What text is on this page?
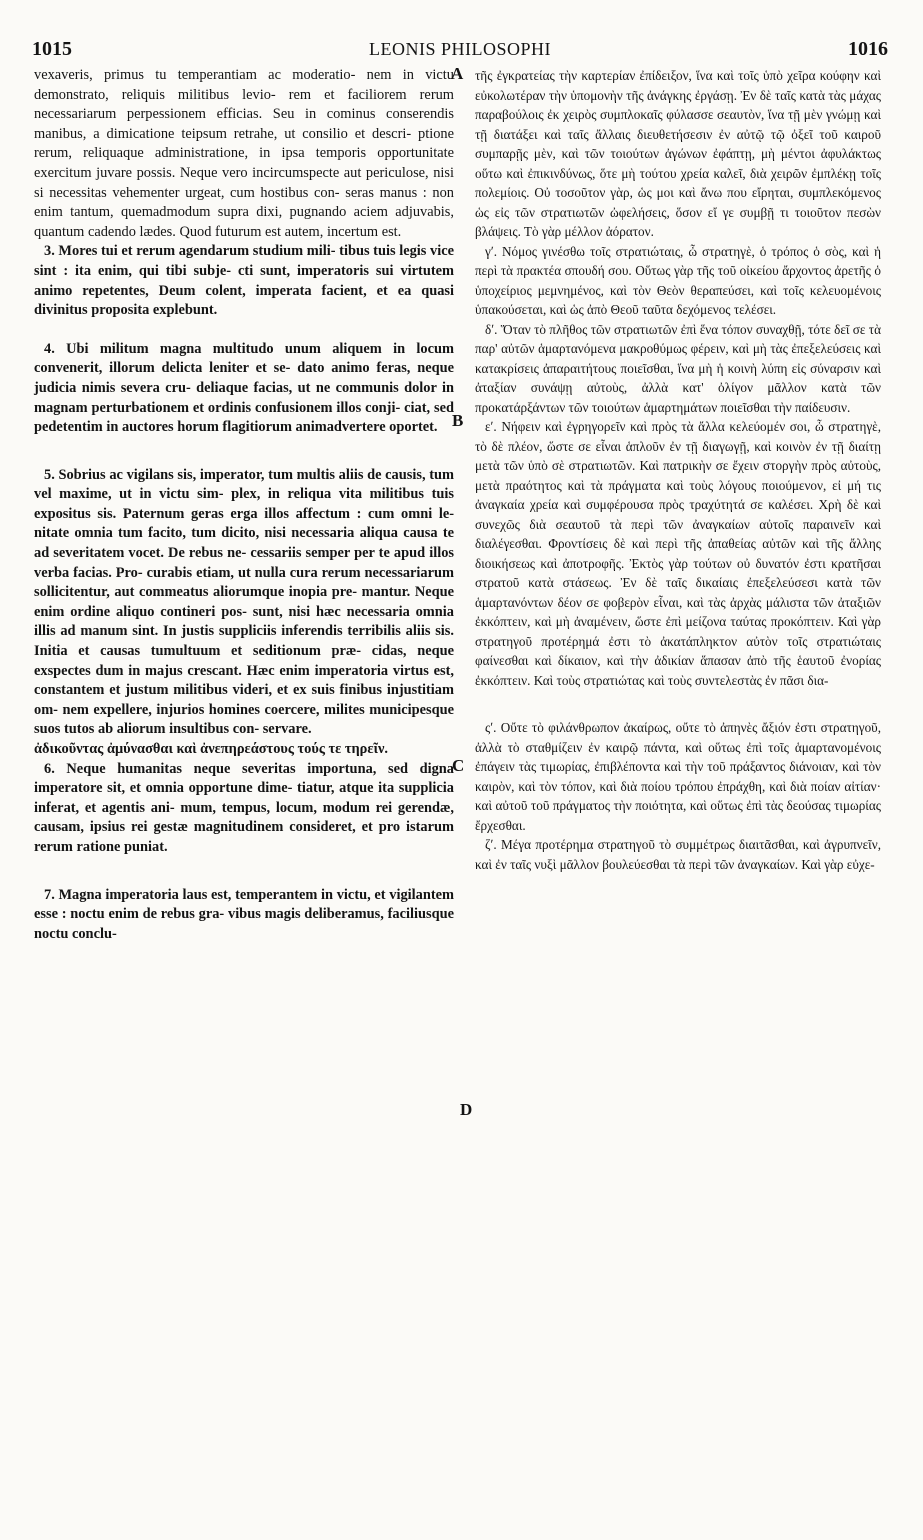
1015	LEONIS PHILOSOPHI	1016
A
B
C
D

vexaveris, primus tu temperantiam ac moderatio- nem in victu demonstrato, reliquis militibus levio- rem et faciliorem rerum necessariarum perpessionem efficias. Seu in cominus conserendis manibus, a dimicatione teipsum retrahe, ut consilio et descri- ptione rerum, reliquaque administratione, in ipsa temporis opportunitate exercitum juvare possis. Neque vero incircumspecte aut periculose, nisi si necessitas vehementer urgeat, cum hostibus con- seras manus : non enim tantum, quemadmodum supra dixi, pugnando aciem adjuvabis, quantum cadendo lædes. Quod futurum est autem, incertum est.

3. Mores tui et rerum agendarum studium mili- tibus tuis legis vice sint : ita enim, qui tibi subje- cti sunt, imperatoris sui virtutem animo repetentes, Deum colent, imperata facient, et ea quasi divinitus proposita explebunt.

4. Ubi militum magna multitudo unum aliquem in locum convenerit, illorum delicta leniter et se- dato animo feras, neque judicia nimis severa cru- deliaque facias, ut ne communis dolor in magnam perturbationem et ordinis confusionem illos conji- ciat, sed pedetentim in auctores horum flagitiorum animadvertere oportet.

5. Sobrius ac vigilans sis, imperator, tum multis aliis de causis, tum vel maxime, ut in victu sim- plex, in reliqua vita militibus tuis expositus sis. Paternum geras erga illos affectum : cum omni le- nitate omnia tum facito, tum dicito, nisi necessaria aliqua causa te ad severitatem vocet. De rebus ne- cessariis semper per te apud illos verba facias. Pro- curabis etiam, ut nulla cura rerum necessariarum sollicitentur, aut commeatus aliorumque inopia pre- mantur. Neque enim ordine aliquo contineri pos- sunt, nisi hæc necessaria omnia illis ad manum sint. In justis suppliciis inferendis terribilis aliis sis. Initia et causas tumultuum et seditionum præ- cidas, neque exspectes dum in majus crescant. Hæc enim imperatoria virtus est, constantem et justum militibus videri, et ex suis finibus injustitiam om- nem expellere, injurios homines coercere, milites municipesque suos tutos ab aliorum insultibus con- servare.

ἀδικοῦντας ἀμύνασθαι καὶ ἀνεπηρεάστους τούς τε τηρεῖν.

6. Neque humanitas neque severitas importuna, sed digna imperatore sit, et omnia opportune dime- tiatur, atque ita supplicia inferat, et agentis ani- mum, tempus, locum, modum rei gerendæ, causam, ipsius rei gestæ magnitudinem consideret, et pro istarum rerum ratione puniat.

7. Magna imperatoria laus est, temperantem in victu, et vigilantem esse : noctu enim de rebus gra- vibus magis deliberamus, faciliusque noctu conclu-

τῆς ἐγκρατείας τὴν καρτερίαν ἐπίδειξον, ἵνα καὶ τοῖς ὑπὸ χεῖρα κούφην καὶ εὐκολωτέραν τὴν ὑπομονὴν τῆς ἀνάγκης ἐργάσῃ. Ἐν δὲ ταῖς κατὰ τὰς μάχας παραβούλοις ἐκ χειρὸς συμπλοκαῖς φύλασσε σεαυτὸν, ἵνα τῇ μὲν γνώμῃ καὶ τῇ διατάξει καὶ ταῖς ἄλλαις διευθετήσεσιν ἐν αὐτῷ τῷ ὀξεῖ τοῦ καιροῦ συμπαρῇς μὲν, καὶ τῶν τοιούτων ἀγώνων ἐφάπτῃ, μὴ μέντοι ἀφυλάκτως οὕτω καὶ ἐπικινδύνως, ὅτε μὴ τούτου χρεία καλεῖ, διὰ χειρῶν ἐμπλέκῃ τοῖς πολεμίοις. Οὐ τοσοῦτον γὰρ, ὡς μοι καὶ ἄνω που εἴρηται, συμπλεκόμενος ὡς εἰς τῶν στρατιωτῶν ὠφελήσεις, ὅσον εἴ γε συμβῇ τι τοιοῦτον πεσὼν βλάψεις. Τὸ γὰρ μέλλον ἀόρατον.

γʹ. Νόμος γινέσθω τοῖς στρατιώταις, ὦ στρατηγὲ, ὁ τρόπος ὁ σὸς, καὶ ἡ περὶ τὰ πρακτέα σπουδή σου. Οὕτως γὰρ τῆς τοῦ οἰκείου ἄρχοντος ἀρετῆς ὁ ὑποχείριος μεμνημένος, καὶ τὸν Θεὸν θεραπεύσει, καὶ τοῖς κελευομένοις ὑπακούσεται, καὶ ὡς ἀπὸ Θεοῦ ταῦτα δεχόμενος τελέσει.

δʹ. Ὅταν τὸ πλῆθος τῶν στρατιωτῶν ἐπὶ ἕνα τόπον συναχθῇ, τότε δεῖ σε τὰ παρ' αὐτῶν ἁμαρτανόμενα μακροθύμως φέρειν, καὶ μὴ τὰς ἐπεξελεύσεις καὶ κατακρίσεις ἀπαραιτήτους ποιεῖσθαι, ἵνα μὴ ἡ κοινὴ λύπη εἰς σύναρσιν καὶ ἀταξίαν συνάψῃ αὐτοὺς, ἀλλὰ κατ' ὀλίγον μᾶλλον κατὰ τῶν προκατάρξάντων τῶν τοιούτων ἁμαρτημάτων ποιεῖσθαι τὴν παίδευσιν.

εʹ. Νήφειν καὶ ἐγρηγορεῖν καὶ πρὸς τὰ ἄλλα κελεύομέν σοι, ὦ στρατηγὲ, τὸ δὲ πλέον, ὥστε σε εἶναι ἁπλοῦν ἐν τῇ διαγωγῇ, καὶ κοινὸν ἐν τῇ διαίτῃ μετὰ τῶν ὑπὸ σὲ στρατιωτῶν. Καὶ πατρικὴν σε ἔχειν στοργὴν πρὸς αὐτοὺς, μετὰ πραότητος καὶ τὰ πράγματα καὶ τοὺς λόγους ποιούμενον, εἰ μή τις ἀναγκαία χρεία καὶ συμφέρουσα πρὸς τραχύτητά σε καλέσει. Χρὴ δὲ καὶ συνεχῶς διὰ σεαυτοῦ τὰ περὶ τῶν ἀναγκαίων αὐτοῖς παραινεῖν καὶ διαλέγεσθαι. Φροντίσεις δὲ καὶ περὶ τῆς ἀπαθείας αὐτῶν καὶ τῆς ἄλλης διοικήσεως καὶ ἀποτροφῆς. Ἐκτὸς γὰρ τούτων οὐ δυνατόν ἐστι κρατῆσαι στρατοῦ κατὰ στάσεως. Ἐν δὲ ταῖς δικαίαις ἐπεξελεύσεσι κατὰ τῶν ἁμαρτανόντων δέον σε φοβερὸν εἶναι, καὶ τὰς ἀρχὰς μάλιστα τῶν ἀταξιῶν ἐκκόπτειν, καὶ μὴ ἀναμένειν, ὥστε ἐπὶ μείζονα ταύτας προκόπτειν. Καὶ γὰρ στρατηγοῦ προτέρημά ἐστι τὸ ἀκατάπληκτον αὐτὸν τοῖς στρατιώταις φαίνεσθαι καὶ δίκαιον, καὶ τὴν ἀδικίαν ἅπασαν ἀπὸ τῆς ἑαυτοῦ ἐνορίας ἐκκόπτειν. Καὶ τοὺς στρατιώτας καὶ τοὺς συντελεστὰς ἐν πᾶσι δια-

ςʹ. Οὔτε τὸ φιλάνθρωπον ἀκαίρως, οὔτε τὸ ἀπηνὲς ἄξιόν ἐστι στρατηγοῦ, ἀλλὰ τὸ σταθμίζειν ἐν καιρῷ πάντα, καὶ οὕτως ἐπὶ τοῖς ἁμαρτανομένοις ἐπάγειν τὰς τιμωρίας, ἐπιβλέποντα καὶ τὴν τοῦ πράξαντος διάνοιαν, καὶ τὸν καιρὸν, καὶ τὸν τόπον, καὶ διὰ ποίου τρόπου ἐπράχθη, καὶ διὰ ποίαν αἰτίαν· καὶ αὐτοῦ τοῦ πράγματος τὴν ποιότητα, καὶ οὕτως ἐπὶ τὰς δεούσας τιμωρίας ἔρχεσθαι.

ζʹ. Μέγα προτέρημα στρατηγοῦ τὸ συμμέτρως διαιτᾶσθαι, καὶ ἀγρυπνεῖν, καὶ ἐν ταῖς νυξὶ μᾶλλον βουλεύεσθαι τὰ περὶ τῶν ἀναγκαίων. Καὶ γὰρ εὐχε-
